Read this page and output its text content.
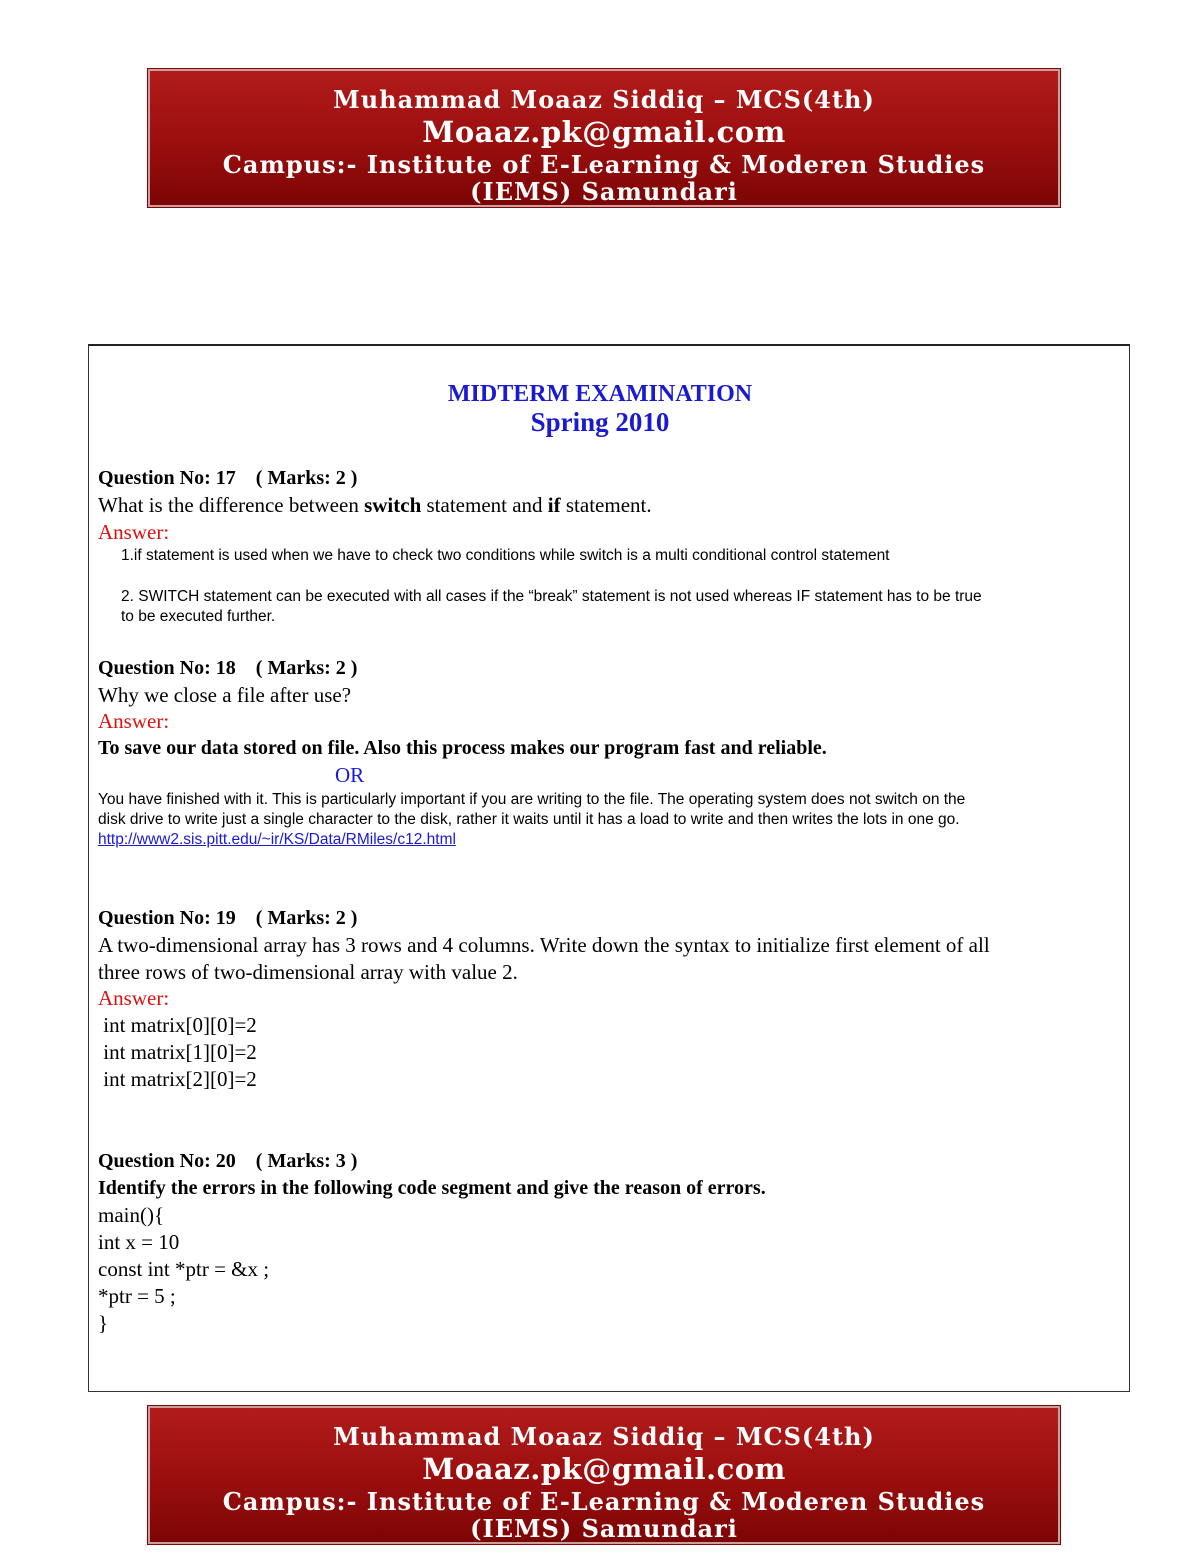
Muhammad Moaaz Siddiq – MCS(4th)
Moaaz.pk@gmail.com
Campus:- Institute of E-Learning & Moderen Studies
(IEMS) Samundari
MIDTERM EXAMINATION
Spring 2010
Question No: 17 ( Marks: 2 )
What is the difference between switch statement and if statement.
Answer:
1.if statement is used when we have to check two conditions while switch is a multi conditional control statement
2. SWITCH statement can be executed with all cases if the “break” statement is not used whereas IF statement has to be true
to be executed further.
Question No: 18 ( Marks: 2 )
Why we close a file after use?
Answer:
To save our data stored on file. Also this process makes our program fast and reliable.
OR
You have finished with it. This is particularly important if you are writing to the file. The operating system does not switch on the
disk drive to write just a single character to the disk, rather it waits until it has a load to write and then writes the lots in one go.
http://www2.sis.pitt.edu/~ir/KS/Data/RMiles/c12.html
Question No: 19 ( Marks: 2 )
A two-dimensional array has 3 rows and 4 columns. Write down the syntax to initialize first element of all
three rows of two-dimensional array with value 2.
Answer:
int matrix[0][0]=2
int matrix[1][0]=2
int matrix[2][0]=2
Question No: 20 ( Marks: 3 )
Identify the errors in the following code segment and give the reason of errors.
main(){
int x = 10
const int *ptr = &x ;
*ptr = 5 ;
}
Muhammad Moaaz Siddiq – MCS(4th)
Moaaz.pk@gmail.com
Campus:- Institute of E-Learning & Moderen Studies
(IEMS) Samundari
